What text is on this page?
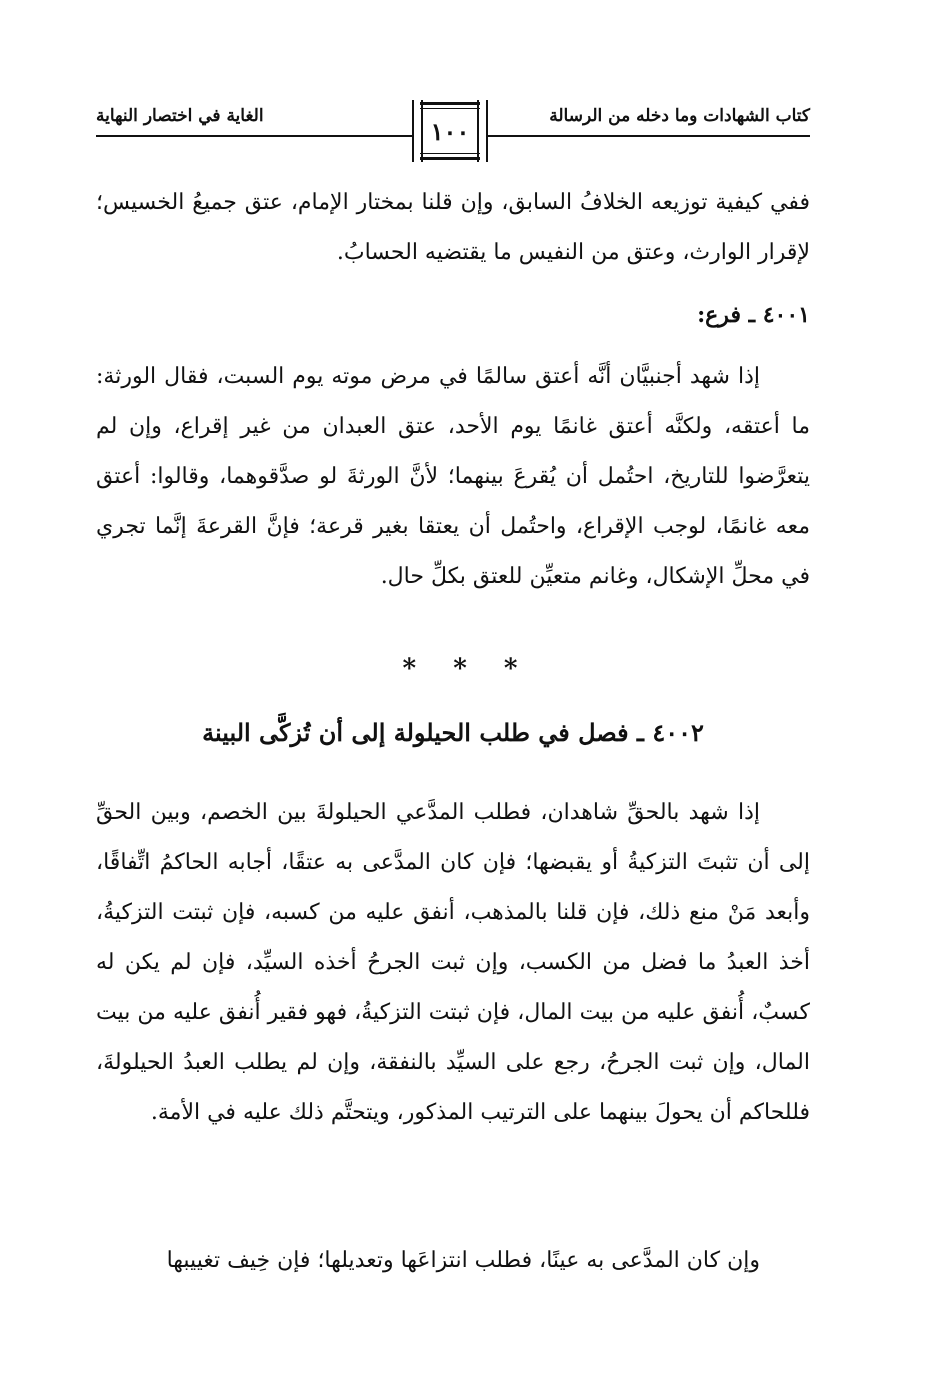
كتاب الشهادات وما دخله من الرسالة
الغاية في اختصار النهاية
١٠٠
ففي كيفية توزيعه الخلافُ السابق، وإن قلنا بمختار الإمام، عتق جميعُ الخسيس؛ لإقرار الوارث، وعتق من النفيس ما يقتضيه الحسابُ.
٤٠٠١ ـ فرع:
إذا شهد أجنبيَّان أنَّه أعتق سالمًا في مرض موته يوم السبت، فقال الورثة: ما أعتقه، ولكنَّه أعتق غانمًا يوم الأحد، عتق العبدان من غير إقراع، وإن لم يتعرَّضوا للتاريخ، احتُمل أن يُقرعَ بينهما؛ لأنَّ الورثةَ لو صدَّقوهما، وقالوا: أعتق معه غانمًا، لوجب الإقراع، واحتُمل أن يعتقا بغير قرعة؛ فإنَّ القرعةَ إنَّما تجري في محلِّ الإشكال، وغانم متعيِّن للعتق بكلِّ حال.
* * *
٤٠٠٢ ـ فصل في طلب الحيلولة إلى أن تُزكَّى البينة
إذا شهد بالحقِّ شاهدان، فطلب المدَّعي الحيلولةَ بين الخصم، وبين الحقِّ إلى أن تثبتَ التزكيةُ أو يقبضها؛ فإن كان المدَّعى به عتقًا، أجابه الحاكمُ اتِّفاقًا، وأبعد مَنْ منع ذلك، فإن قلنا بالمذهب، أنفق عليه من كسبه، فإن ثبتت التزكيةُ، أخذ العبدُ ما فضل من الكسب، وإن ثبت الجرحُ أخذه السيِّد، فإن لم يكن له كسبٌ، أُنفق عليه من بيت المال، فإن ثبتت التزكيةُ، فهو فقير أُنفق عليه من بيت المال، وإن ثبت الجرحُ، رجع على السيِّد بالنفقة، وإن لم يطلب العبدُ الحيلولةَ، فللحاكم أن يحولَ بينهما على الترتيب المذكور، ويتحتَّم ذلك عليه في الأمة.
وإن كان المدَّعى به عينًا، فطلب انتزاعَها وتعديلها؛ فإن خِيف تغييبها
